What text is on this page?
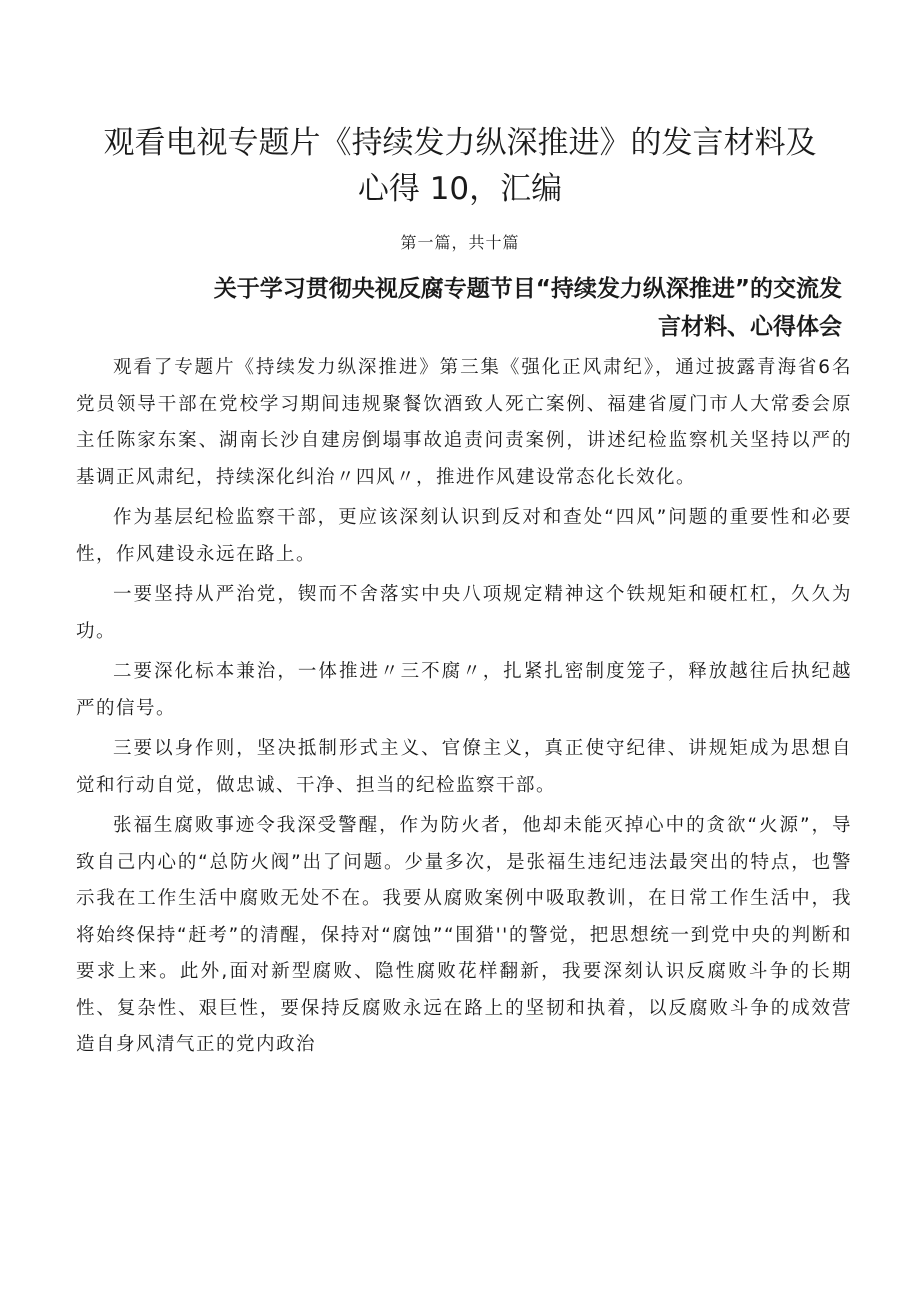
观看电视专题片《持续发力纵深推进》的发言材料及
心得 10，汇编
第一篇，共十篇
关于学习贯彻央视反腐专题节目“持续发力纵深推进”的交流发
言材料、心得体会

观看了专题片《持续发力纵深推进》第三集《强化正风肃纪》，通过披露青海省6名党员领导干部在党校学习期间违规聚餐饮酒致人死亡案例、福建省厦门市人大常委会原主任陈家东案、湖南长沙自建房倒塌事故追责问责案例，讲述纪检监察机关坚持以严的基调正风肃纪，持续深化纠治〃四风〃，推进作风建设常态化长效化。

作为基层纪检监察干部，更应该深刻认识到反对和查处“四风”问题的重要性和必要性，作风建设永远在路上。

一要坚持从严治党，锲而不舍落实中央八项规定精神这个铁规矩和硬杠杠，久久为功。

二要深化标本兼治，一体推进〃三不腐〃，扎紧扎密制度笼子，释放越往后执纪越严的信号。

三要以身作则，坚决抵制形式主义、官僚主义，真正使守纪律、讲规矩成为思想自觉和行动自觉，做忠诚、干净、担当的纪检监察干部。

张福生腐败事迹令我深受警醒，作为防火者，他却未能灭掉心中的贪欲“火源”，导致自己内心的“总防火阀”出了问题。少量多次，是张福生违纪违法最突出的特点，也警示我在工作生活中腐败无处不在。我要从腐败案例中吸取教训，在日常工作生活中，我将始终保持“赶考”的清醒，保持对“腐蚀”“围猎''的警觉，把思想统一到党中央的判断和要求上来。此外,面对新型腐败、隐性腐败花样翻新，我要深刻认识反腐败斗争的长期性、复杂性、艰巨性，要保持反腐败永远在路上的坚韧和执着，以反腐败斗争的成效营造自身风清气正的党内政治
